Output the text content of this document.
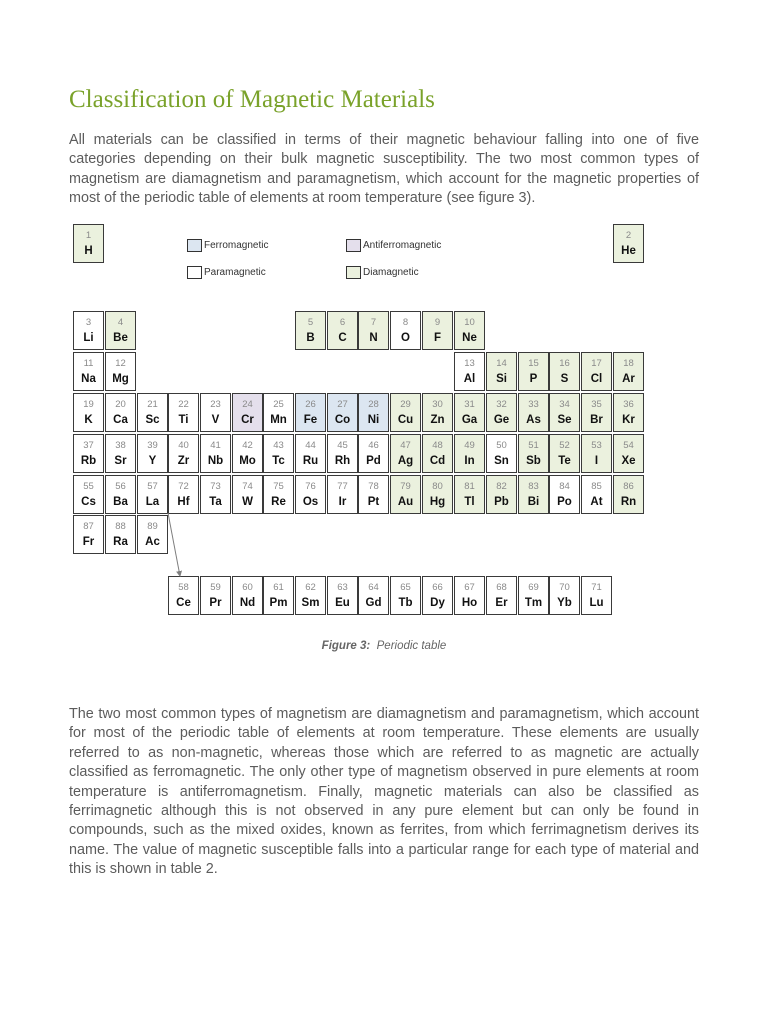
Classification of Magnetic Materials

All materials can be classified in terms of their magnetic behaviour falling into one of five categories depending on their bulk magnetic susceptibility. The two most common types of magnetism are diamagnetism and paramagnetism, which account for the magnetic properties of most of the periodic table of elements at room temperature (see figure 3).

Ferromagnetic	Antiferromagnetic
Paramagnetic	Diamagnetic
1
H
2
He
3
Li
4
Be
5
B
6
C
7
N
8
O
9
F
10
Ne
11
Na
12
Mg
13
Al
14
Si
15
P
16
S
17
Cl
18
Ar
19
K
20
Ca
21
Sc
22
Ti
23
V
24
Cr
25
Mn
26
Fe
27
Co
28
Ni
29
Cu
30
Zn
31
Ga
32
Ge
33
As
34
Se
35
Br
36
Kr
37
Rb
38
Sr
39
Y
40
Zr
41
Nb
42
Mo
43
Tc
44
Ru
45
Rh
46
Pd
47
Ag
48
Cd
49
In
50
Sn
51
Sb
52
Te
53
I
54
Xe
55
Cs
56
Ba
57
La
72
Hf
73
Ta
74
W
75
Re
76
Os
77
Ir
78
Pt
79
Au
80
Hg
81
Tl
82
Pb
83
Bi
84
Po
85
At
86
Rn
87
Fr
88
Ra
89
Ac
58
Ce
59
Pr
60
Nd
61
Pm
62
Sm
63
Eu
64
Gd
65
Tb
66
Dy
67
Ho
68
Er
69
Tm
70
Yb
71
Lu

Figure 3: Periodic table

The two most common types of magnetism are diamagnetism and paramagnetism, which account for most of the periodic table of elements at room temperature. These elements are usually referred to as non-magnetic, whereas those which are referred to as magnetic are actually classified as ferromagnetic. The only other type of magnetism observed in pure elements at room temperature is antiferromagnetism. Finally, magnetic materials can also be classified as ferrimagnetic although this is not observed in any pure element but can only be found in compounds, such as the mixed oxides, known as ferrites, from which ferrimagnetism derives its name. The value of magnetic susceptible falls into a particular range for each type of material and this is shown in table 2.
